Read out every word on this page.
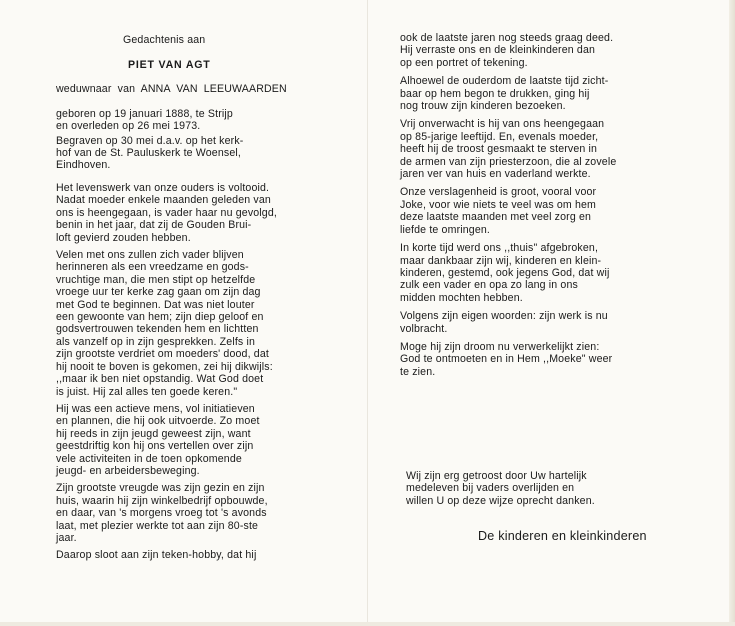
Gedachtenis aan
PIET VAN AGT
weduwnaar van ANNA VAN LEEUWAARDEN
geboren op 19 januari 1888, te Strijp
en overleden op 26 mei 1973.
Begraven op 30 mei d.a.v. op het kerk-
hof van de St. Pauluskerk te Woensel,
Eindhoven.

Het levenswerk van onze ouders is voltooid.

Nadat moeder enkele maanden geleden van

ons is heengegaan, is vader haar nu gevolgd,

benin in het jaar, dat zij de Gouden Brui-

loft gevierd zouden hebben.

Velen met ons zullen zich vader blijven

herinneren als een vreedzame en gods-

vruchtige man, die men stipt op hetzelfde

vroege uur ter kerke zag gaan om zijn dag

met God te beginnen. Dat was niet louter

een gewoonte van hem; zijn diep geloof en

godsvertrouwen tekenden hem en lichtten

als vanzelf op in zijn gesprekken. Zelfs in

zijn grootste verdriet om moeders' dood, dat

hij nooit te boven is gekomen, zei hij dikwijls:

,,maar ik ben niet opstandig. Wat God doet

is juist. Hij zal alles ten goede keren."

Hij was een actieve mens, vol initiatieven

en plannen, die hij ook uitvoerde. Zo moet

hij reeds in zijn jeugd geweest zijn, want

geestdriftig kon hij ons vertellen over zijn

vele activiteiten in de toen opkomende

jeugd- en arbeidersbeweging.

Zijn grootste vreugde was zijn gezin en zijn

huis, waarin hij zijn winkelbedrijf opbouwde,

en daar, van 's morgens vroeg tot 's avonds

laat, met plezier werkte tot aan zijn 80-ste

jaar.

Daarop sloot aan zijn teken-hobby, dat hij

ook de laatste jaren nog steeds graag deed.

Hij verraste ons en de kleinkinderen dan

op een portret of tekening.

Alhoewel de ouderdom de laatste tijd zicht-

baar op hem begon te drukken, ging hij

nog trouw zijn kinderen bezoeken.

Vrij onverwacht is hij van ons heengegaan

op 85-jarige leeftijd. En, evenals moeder,

heeft hij de troost gesmaakt te sterven in

de armen van zijn priesterzoon, die al zovele

jaren ver van huis en vaderland werkte.

Onze verslagenheid is groot, vooral voor

Joke, voor wie niets te veel was om hem

deze laatste maanden met veel zorg en

liefde te omringen.

In korte tijd werd ons ,,thuis" afgebroken,

maar dankbaar zijn wij, kinderen en klein-

kinderen, gestemd, ook jegens God, dat wij

zulk een vader en opa zo lang in ons

midden mochten hebben.

Volgens zijn eigen woorden: zijn werk is nu

volbracht.

Moge hij zijn droom nu verwerkelijkt zien:

God te ontmoeten en in Hem ,,Moeke" weer

te zien.

Wij zijn erg getroost door Uw hartelijk

medeleven bij vaders overlijden en

willen U op deze wijze oprecht danken.

De kinderen en kleinkinderen
